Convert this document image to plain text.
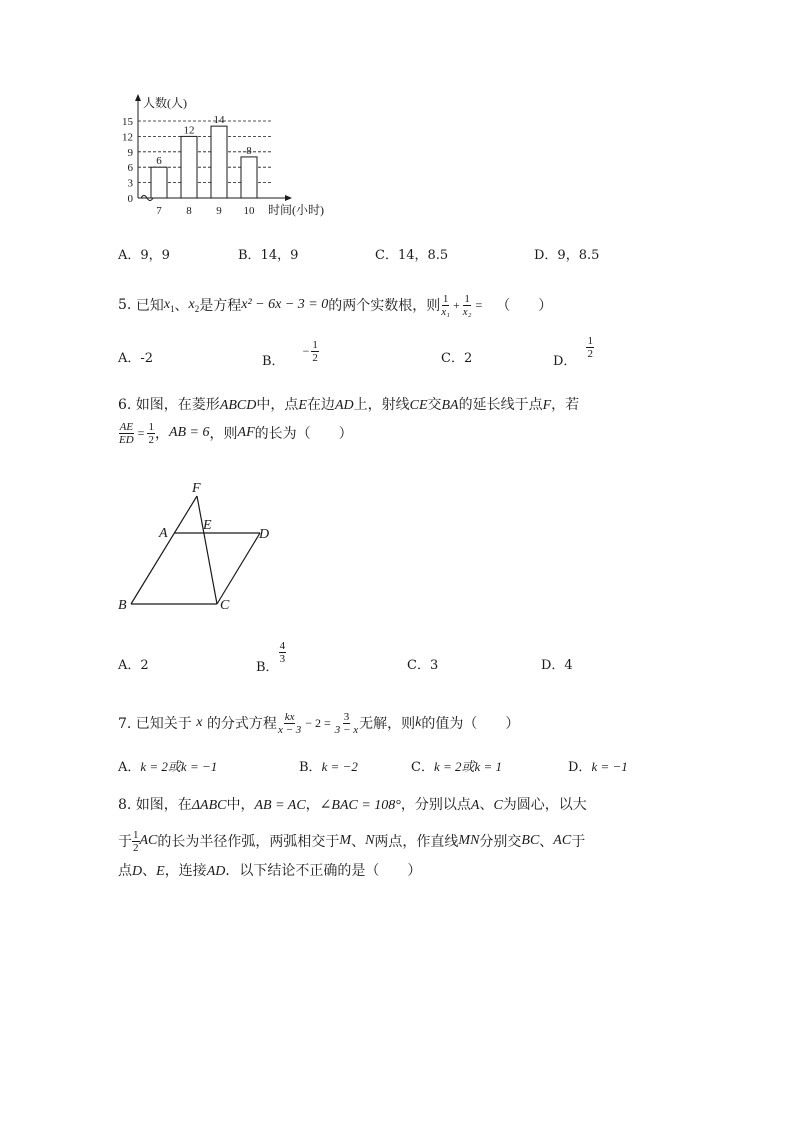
人数(人)
时间(小时)
0
3
6
9
12
15
7 8 9 10
6
12
14
8
A．9，9	B．14，9	C．14，8.5	D．9，8.5
5.
已知 $x_1$ 、 $x_2$ 是方程 x² − 6x − 3 = 0 的两个实数根，则 $\frac{1}{\text{x₁}} + \frac{1}{\text{x₂}}$ = （　　）
A．-2	B．
− $\frac{1}{2}$	C．2	D．
$\frac{1}{2}$
6. 如图，在菱形ABCD中，点E在边AD上，射线CE交BA的延长线于点F，若
$\frac{AE}{ED} = \frac{1}{2}$ ， AB = 6 ，则 AF 的长为（　　）
F
A
E
D
B	C
A．2	B．
$\frac{4}{3}$
C．3	D．4
7. 已知关于
x
的分式方程 $\frac{kx}{x - 3} - 2 = \frac{3}{3 - x}$ 无解，则 k 的值为（　　）
A．k = 2或k = −1	B．k = −2	C．k = 2或k = 1	D．k = −1
8. 如图，在ΔABC中，AB = AC，∠BAC = 108°，分别以点A、C为圆心，以大
于 $\frac{1}{2}$ AC 的长为半径作弧，两弧相交于 M 、 N 两点，作直线 MN 分别交 BC 、 AC 于
点D、E，连接AD．以下结论不正确的是（　　）
